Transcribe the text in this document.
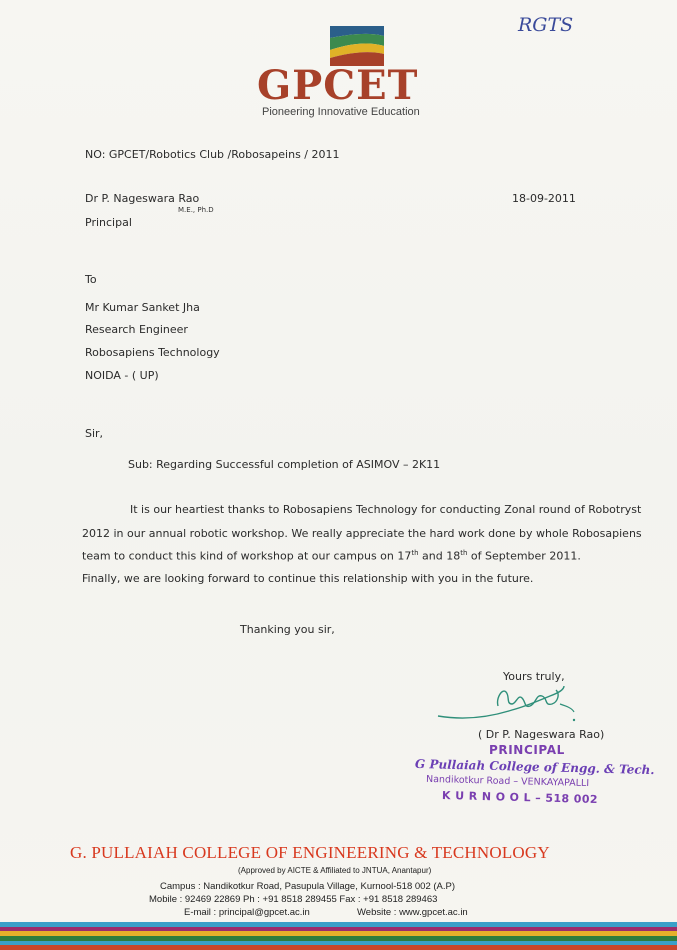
RGTS
GPCET
Pioneering Innovative Education
NO: GPCET/Robotics Club /Robosapeins / 2011
Dr P. Nageswara Rao
M.E., Ph.D
Principal
18-09-2011
To
Mr Kumar Sanket Jha
Research Engineer
Robosapiens Technology
NOIDA - ( UP)
Sir,
Sub: Regarding Successful completion of ASIMOV – 2K11
It is our heartiest thanks to Robosapiens Technology for conducting Zonal round of Robotryst
2012 in our annual robotic workshop. We really appreciate the hard work done by whole Robosapiens
team to conduct this kind of workshop at our campus on 17th and 18th of September 2011.
Finally, we are looking forward to continue this relationship with you in the future.
Thanking you sir,
Yours truly,
( Dr P. Nageswara Rao)
PRINCIPAL
G Pullaiah College of Engg. & Tech.
Nandikotkur Road – VENKAYAPALLI
K U R N O O L – 518 002
G. PULLAIAH COLLEGE OF ENGINEERING & TECHNOLOGY
(Approved by AICTE & Affiliated to JNTUA, Anantapur)
Campus : Nandikotkur Road, Pasupula Village, Kurnool-518 002 (A.P)
Mobile : 92469 22869 Ph : +91 8518 289455 Fax : +91 8518 289463
E-mail : principal@gpcet.ac.in	Website : www.gpcet.ac.in
